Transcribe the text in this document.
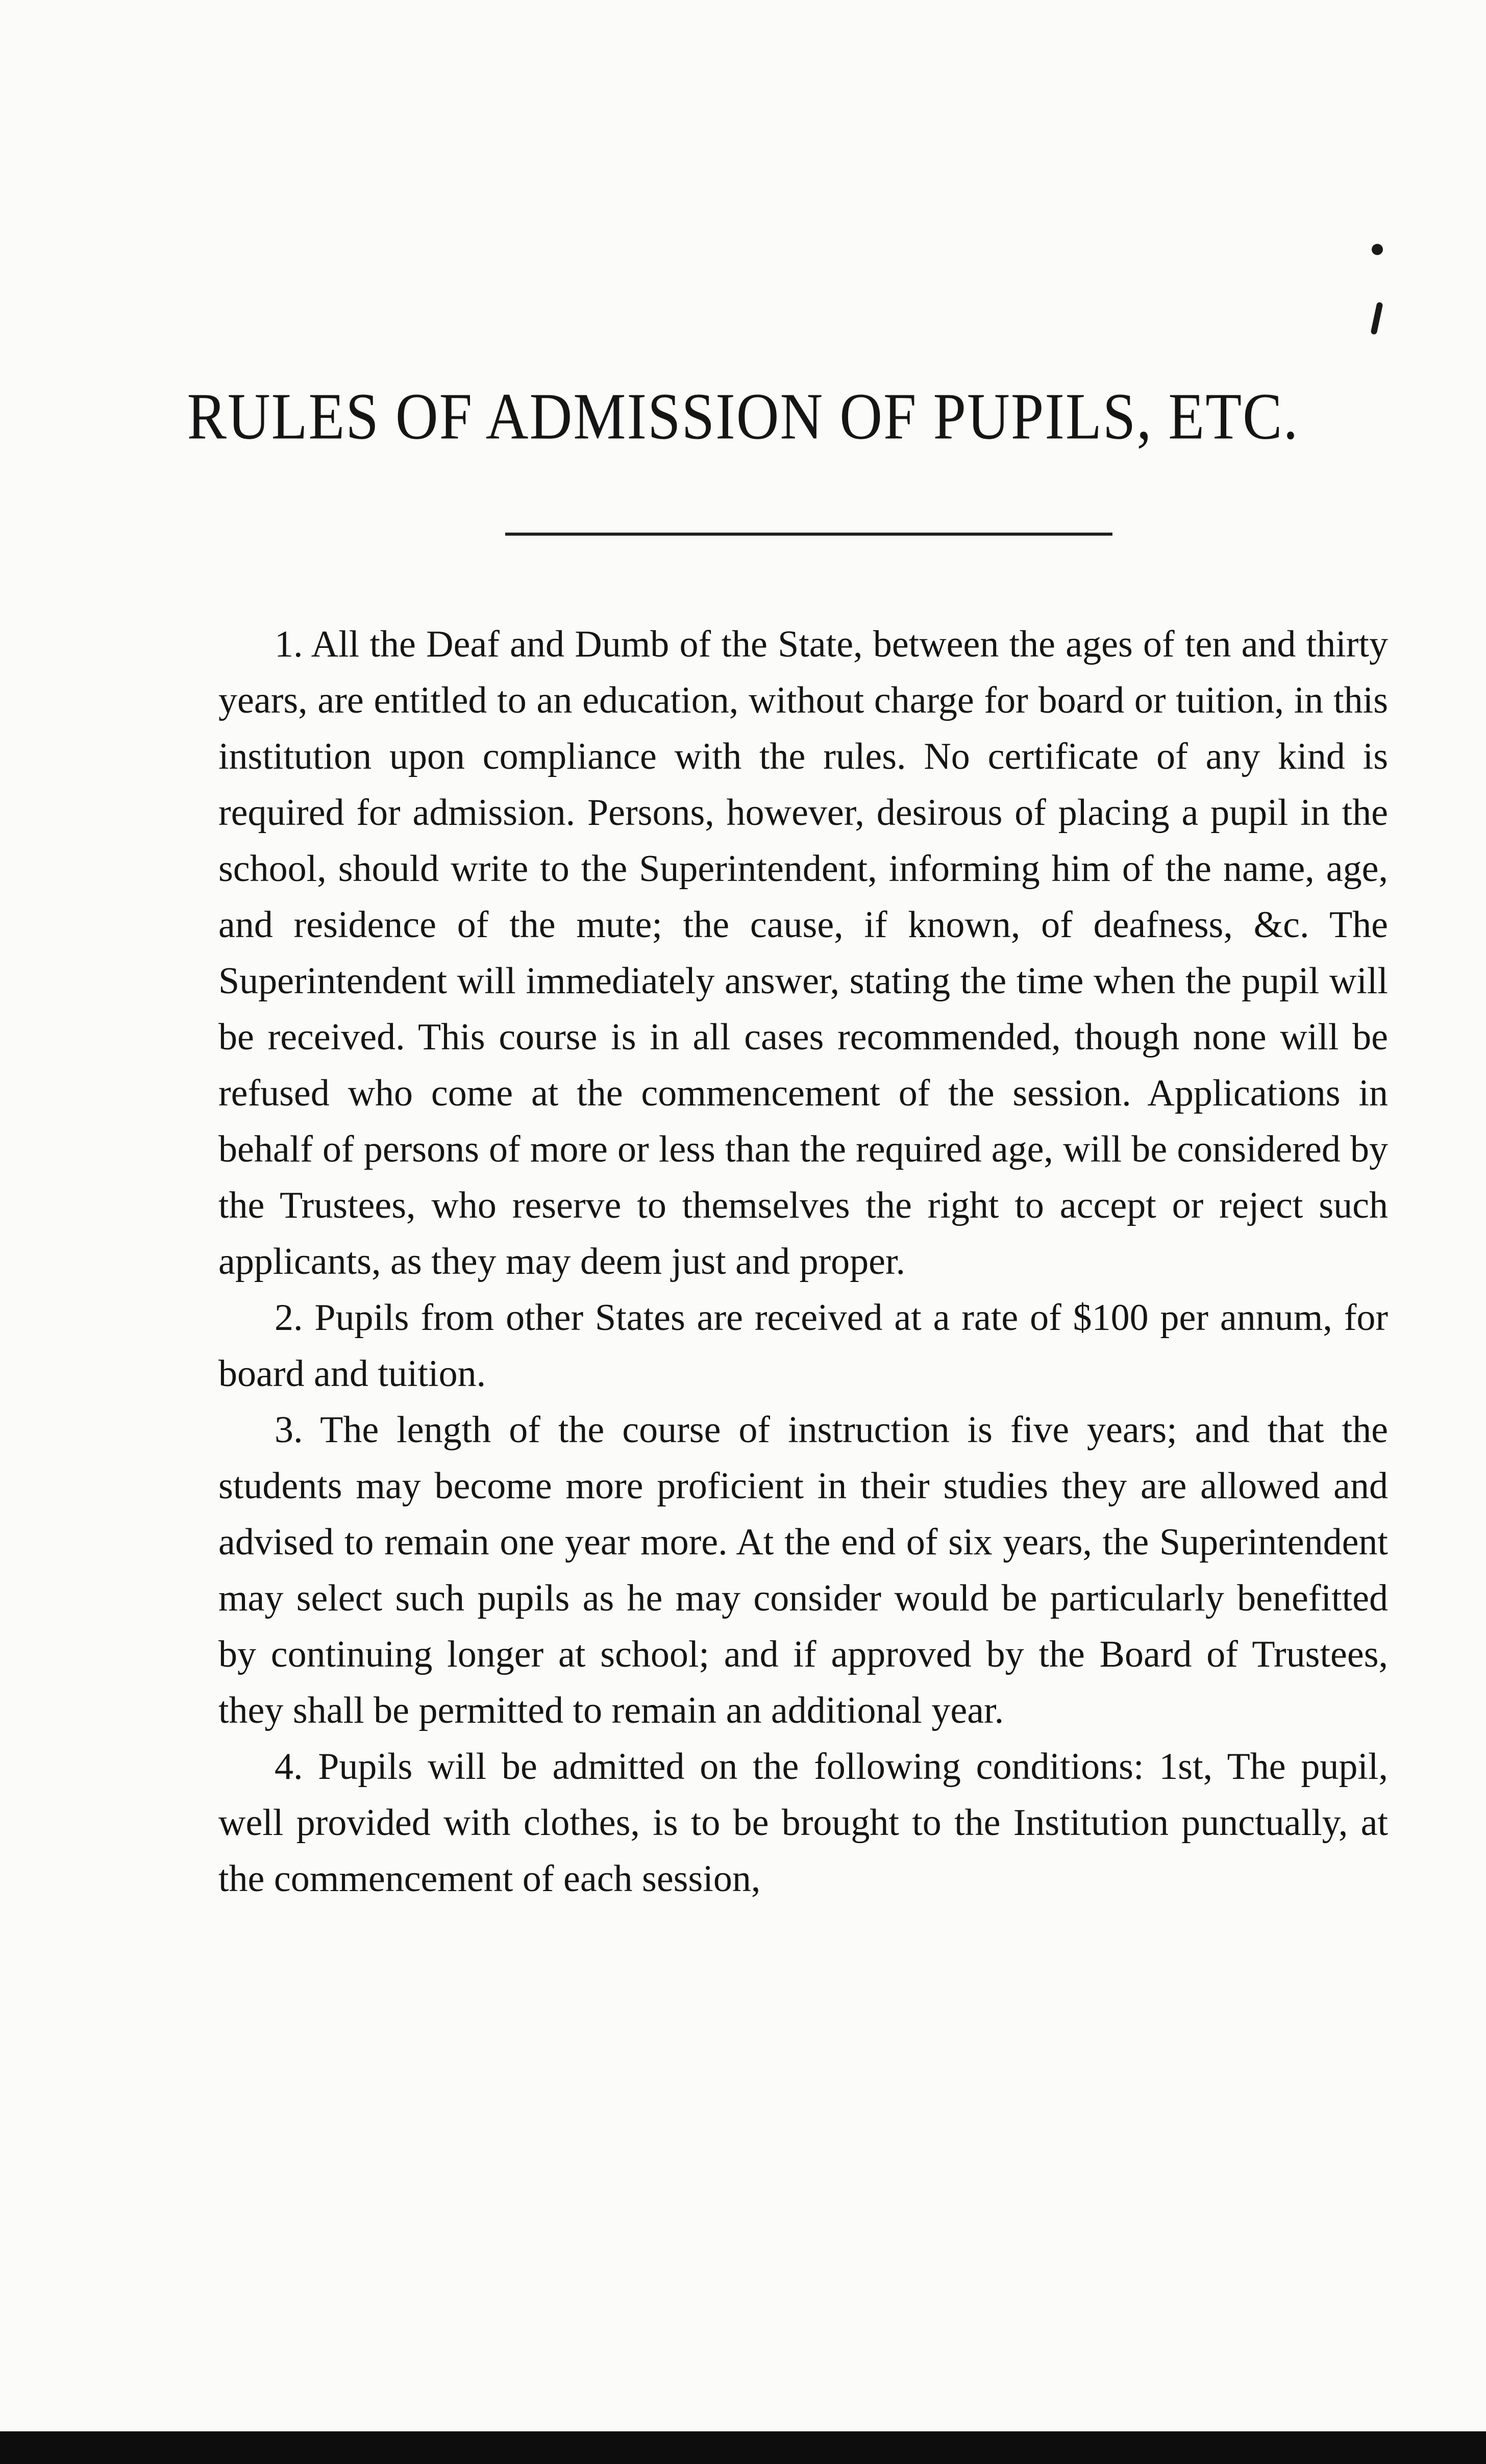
RULES OF ADMISSION OF PUPILS, ETC.

1. All the Deaf and Dumb of the State, between the ages of ten and thirty years, are entitled to an education, without charge for board or tuition, in this institution upon compliance with the rules. No certificate of any kind is required for admission. Persons, however, desirous of placing a pupil in the school, should write to the Superintendent, informing him of the name, age, and residence of the mute; the cause, if known, of deafness, &c. The Superintendent will immediately answer, stating the time when the pupil will be received. This course is in all cases recommended, though none will be refused who come at the commencement of the session. Applications in behalf of persons of more or less than the required age, will be considered by the Trustees, who reserve to themselves the right to accept or reject such applicants, as they may deem just and proper.

2. Pupils from other States are received at a rate of $100 per annum, for board and tuition.

3. The length of the course of instruction is five years; and that the students may become more proficient in their studies they are allowed and advised to remain one year more. At the end of six years, the Superintendent may select such pupils as he may consider would be particularly benefitted by continuing longer at school; and if approved by the Board of Trustees, they shall be permitted to remain an additional year.

4. Pupils will be admitted on the following conditions: 1st, The pupil, well provided with clothes, is to be brought to the Institution punctually, at the commencement of each session,
